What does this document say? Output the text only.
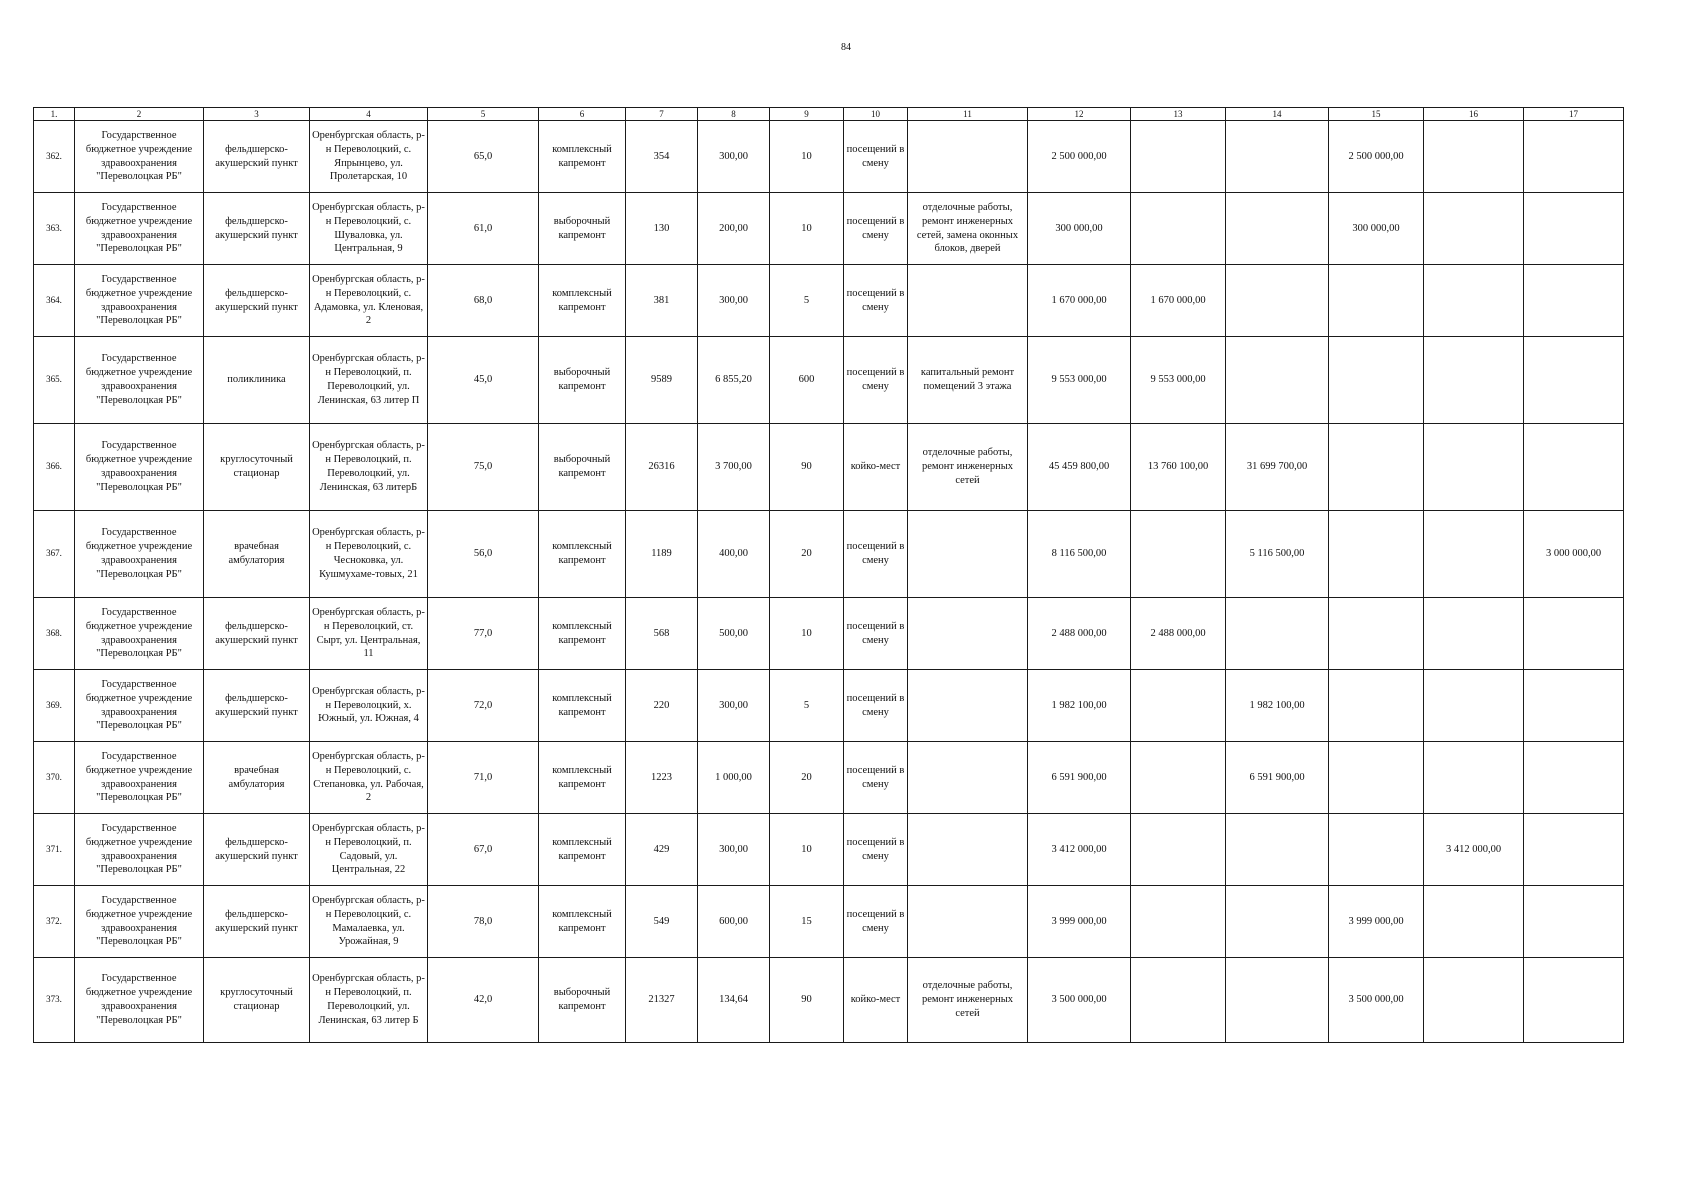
84
1.	2	3	4	5	6	7	8	9	10	11	12	13	14	15	16	17
362.	Государственное бюджетное учреждение здравоохранения "Переволоцкая РБ"	фельдшерско-акушерский пункт	Оренбургская область, р-н Переволоцкий, с. Япрынцево, ул. Пролетарская, 10	65,0	комплексный капремонт	354	300,00	10	посещений в смену		2 500 000,00			2 500 000,00		
363.	Государственное бюджетное учреждение здравоохранения "Переволоцкая РБ"	фельдшерско-акушерский пункт	Оренбургская область, р-н Переволоцкий, с. Шуваловка, ул. Центральная, 9	61,0	выборочный капремонт	130	200,00	10	посещений в смену	отделочные работы, ремонт инженерных сетей, замена оконных блоков, дверей	300 000,00			300 000,00		
364.	Государственное бюджетное учреждение здравоохранения "Переволоцкая РБ"	фельдшерско-акушерский пункт	Оренбургская область, р-н Переволоцкий, с. Адамовка, ул. Кленовая, 2	68,0	комплексный капремонт	381	300,00	5	посещений в смену		1 670 000,00	1 670 000,00				
365.	Государственное бюджетное учреждение здравоохранения "Переволоцкая РБ"	поликлиника	Оренбургская область, р-н Переволоцкий, п. Переволоцкий, ул. Ленинская, 63 литер П	45,0	выборочный капремонт	9589	6 855,20	600	посещений в смену	капитальный ремонт помещений 3 этажа	9 553 000,00	9 553 000,00				
366.	Государственное бюджетное учреждение здравоохранения "Переволоцкая РБ"	круглосуточный стационар	Оренбургская область, р-н Переволоцкий, п. Переволоцкий, ул. Ленинская, 63 литерБ	75,0	выборочный капремонт	26316	3 700,00	90	койко-мест	отделочные работы, ремонт инженерных сетей	45 459 800,00	13 760 100,00	31 699 700,00			
367.	Государственное бюджетное учреждение здравоохранения "Переволоцкая РБ"	врачебная амбулатория	Оренбургская область, р-н Переволоцкий, с. Чесноковка, ул. Кушмухаме-товых, 21	56,0	комплексный капремонт	1189	400,00	20	посещений в смену		8 116 500,00		5 116 500,00			3 000 000,00
368.	Государственное бюджетное учреждение здравоохранения "Переволоцкая РБ"	фельдшерско-акушерский пункт	Оренбургская область, р-н Переволоцкий, ст. Сырт, ул. Центральная, 11	77,0	комплексный капремонт	568	500,00	10	посещений в смену		2 488 000,00	2 488 000,00				
369.	Государственное бюджетное учреждение здравоохранения "Переволоцкая РБ"	фельдшерско-акушерский пункт	Оренбургская область, р-н Переволоцкий, х. Южный, ул. Южная, 4	72,0	комплексный капремонт	220	300,00	5	посещений в смену		1 982 100,00		1 982 100,00			
370.	Государственное бюджетное учреждение здравоохранения "Переволоцкая РБ"	врачебная амбулатория	Оренбургская область, р-н Переволоцкий, с. Степановка, ул. Рабочая, 2	71,0	комплексный капремонт	1223	1 000,00	20	посещений в смену		6 591 900,00		6 591 900,00			
371.	Государственное бюджетное учреждение здравоохранения "Переволоцкая РБ"	фельдшерско-акушерский пункт	Оренбургская область, р-н Переволоцкий, п. Садовый, ул. Центральная, 22	67,0	комплексный капремонт	429	300,00	10	посещений в смену		3 412 000,00				3 412 000,00	
372.	Государственное бюджетное учреждение здравоохранения "Переволоцкая РБ"	фельдшерско-акушерский пункт	Оренбургская область, р-н Переволоцкий, с. Мамалаевка, ул. Урожайная, 9	78,0	комплексный капремонт	549	600,00	15	посещений в смену		3 999 000,00			3 999 000,00		
373.	Государственное бюджетное учреждение здравоохранения "Переволоцкая РБ"	круглосуточный стационар	Оренбургская область, р-н Переволоцкий, п. Переволоцкий, ул. Ленинская, 63 литер Б	42,0	выборочный капремонт	21327	134,64	90	койко-мест	отделочные работы, ремонт инженерных сетей	3 500 000,00			3 500 000,00		
